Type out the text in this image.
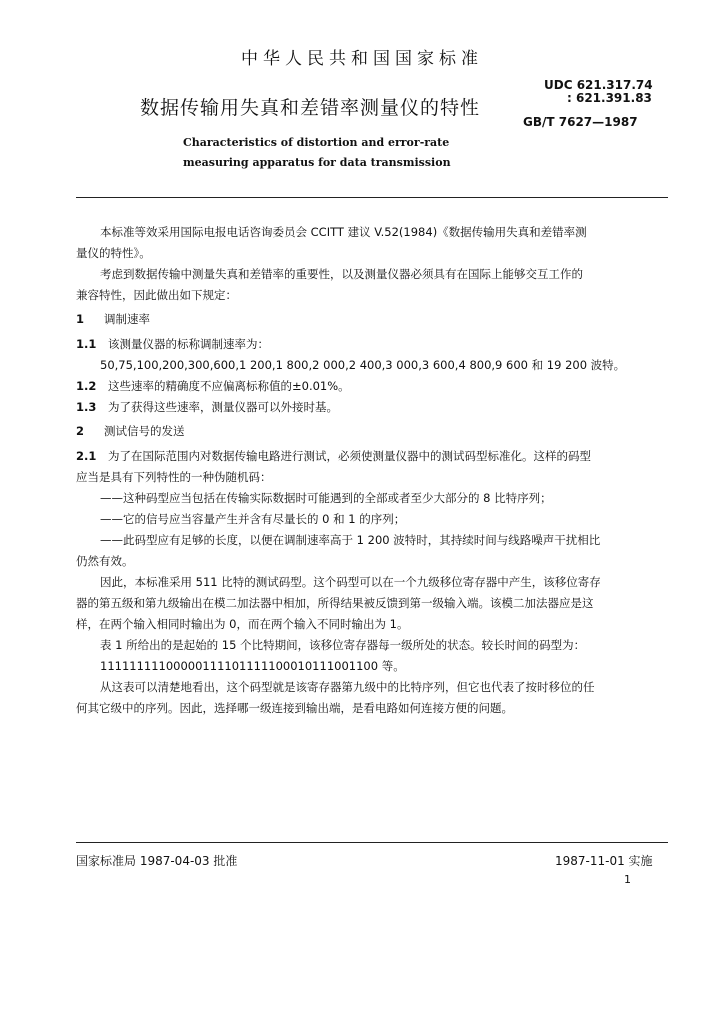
中华人民共和国国家标准
UDC 621.317.74
: 621.391.83
数据传输用失真和差错率测量仪的特性
GB/T 7627—1987
Characteristics of distortion and error-rate
measuring apparatus for data transmission

本标准等效采用国际电报电话咨询委员会 CCITT 建议 V.52(1984)《数据传输用失真和差错率测

量仪的特性》。

考虑到数据传输中测量失真和差错率的重要性，以及测量仪器必须具有在国际上能够交互工作的

兼容特性，因此做出如下规定：

1 调制速率

1.1 该测量仪器的标称调制速率为：

50,75,100,200,300,600,1 200,1 800,2 000,2 400,3 000,3 600,4 800,9 600 和 19 200 波特。

1.2 这些速率的精确度不应偏离标称值的±0.01%。

1.3 为了获得这些速率，测量仪器可以外接时基。

2 测试信号的发送

2.1 为了在国际范围内对数据传输电路进行测试，必须使测量仪器中的测试码型标准化。这样的码型

应当是具有下列特性的一种伪随机码：

——这种码型应当包括在传输实际数据时可能遇到的全部或者至少大部分的 8 比特序列；

——它的信号应当容量产生并含有尽量长的 0 和 1 的序列；

——此码型应有足够的长度，以便在调制速率高于 1 200 波特时，其持续时间与线路噪声干扰相比

仍然有效。

因此，本标准采用 511 比特的测试码型。这个码型可以在一个九级移位寄存器中产生，该移位寄存

器的第五级和第九级输出在模二加法器中相加，所得结果被反馈到第一级输入端。该模二加法器应是这

样，在两个输入相同时输出为 0，而在两个输入不同时输出为 1。

表 1 所给出的是起始的 15 个比特期间，该移位寄存器每一级所处的状态。较长时间的码型为：

11111111100000111101111100010111001100 等。

从这表可以清楚地看出，这个码型就是该寄存器第九级中的比特序列，但它也代表了按时移位的任

何其它级中的序列。因此，选择哪一级连接到输出端，是看电路如何连接方便的问题。

国家标准局 1987-04-03 批准	1987-11-01 实施
1
